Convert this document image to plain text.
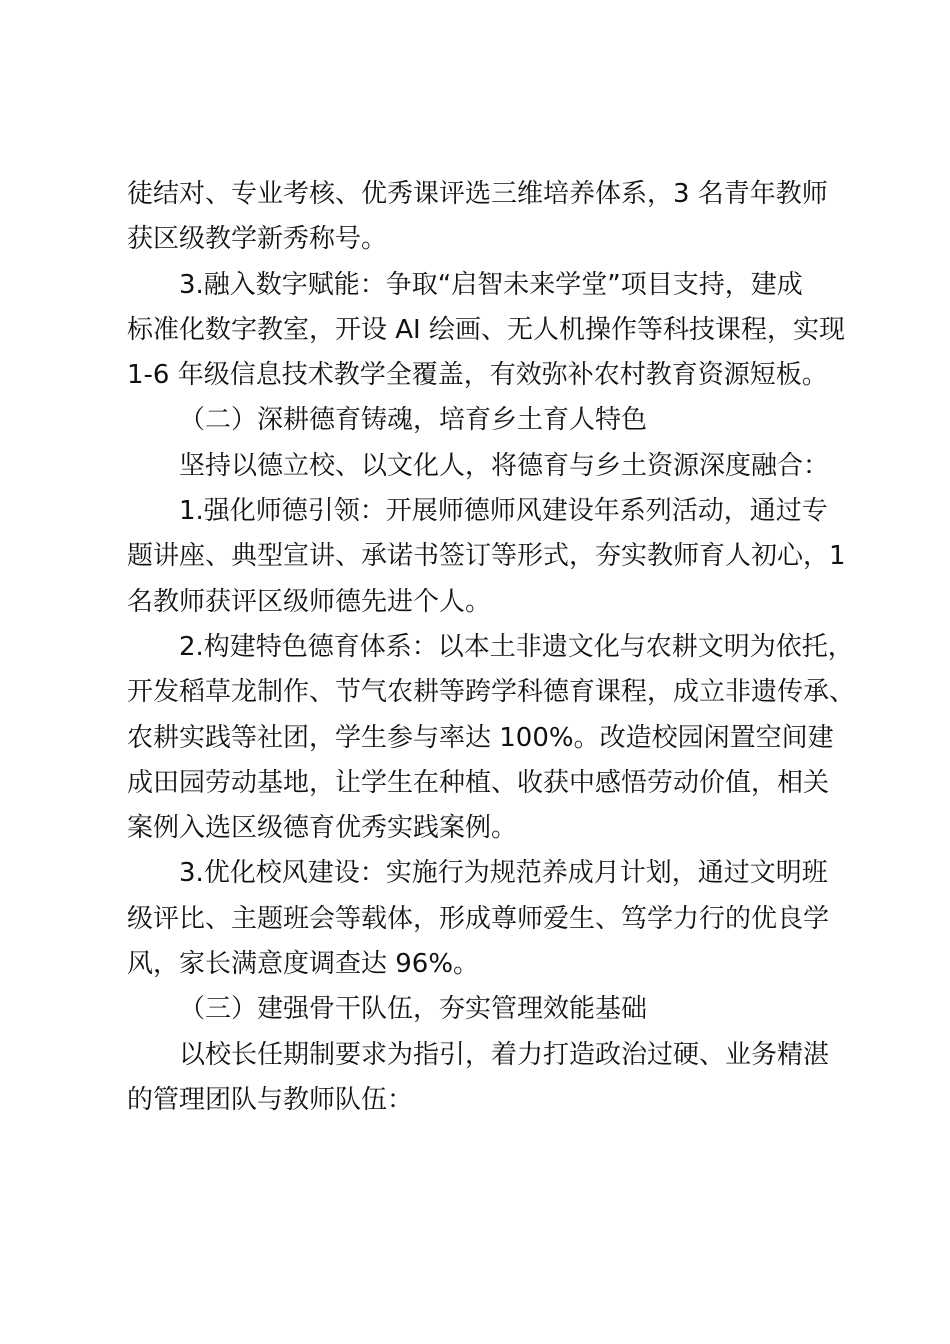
徒结对、专业考核、优秀课评选三维培养体系，3 名青年教师
获区级教学新秀称号。
3.融入数字赋能：争取“启智未来学堂”项目支持，建成
标准化数字教室，开设 AI 绘画、无人机操作等科技课程，实现
1-6 年级信息技术教学全覆盖，有效弥补农村教育资源短板。
（二）深耕德育铸魂，培育乡土育人特色
坚持以德立校、以文化人，将德育与乡土资源深度融合：
1.强化师德引领：开展师德师风建设年系列活动，通过专
题讲座、典型宣讲、承诺书签订等形式，夯实教师育人初心，1
名教师获评区级师德先进个人。
2.构建特色德育体系：以本土非遗文化与农耕文明为依托，
开发稻草龙制作、节气农耕等跨学科德育课程，成立非遗传承、
农耕实践等社团，学生参与率达 100%。改造校园闲置空间建
成田园劳动基地，让学生在种植、收获中感悟劳动价值，相关
案例入选区级德育优秀实践案例。
3.优化校风建设：实施行为规范养成月计划，通过文明班
级评比、主题班会等载体，形成尊师爱生、笃学力行的优良学
风，家长满意度调查达 96%。
（三）建强骨干队伍，夯实管理效能基础
以校长任期制要求为指引，着力打造政治过硬、业务精湛
的管理团队与教师队伍：
